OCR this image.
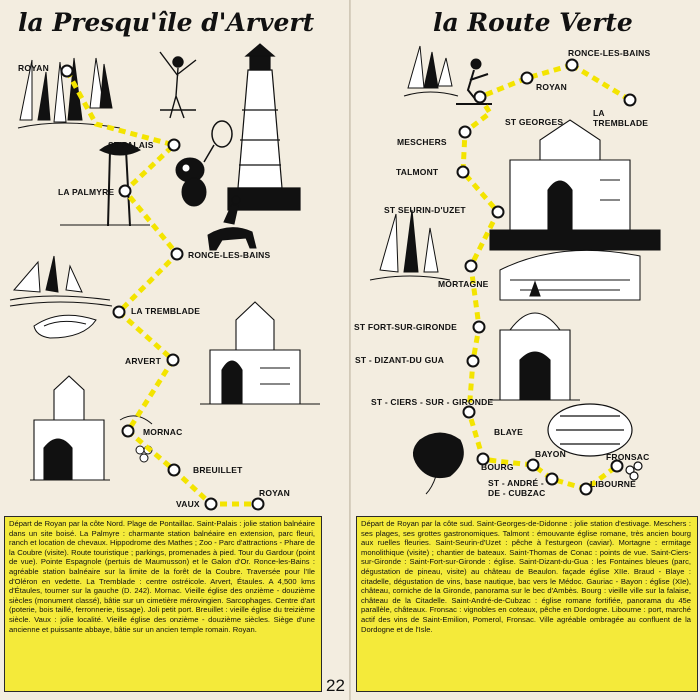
la Presqu'île d'Arvert	la Route Verte
ROYAN
ST-PALAIS
LA PALMYRE
RONCE-LES-BAINS
LA TREMBLADE
ARVERT
MORNAC
BREUILLET
VAUX
ROYAN
RONCE-LES-BAINS
ROYAN
ST GEORGES
LA
TREMBLADE
MESCHERS
TALMONT
ST SEURIN-D'UZET
MORTAGNE
ST FORT-SUR-GIRONDE
ST - DIZANT-DU GUA
ST - CIERS - SUR - GIRONDE
BLAYE
BAYON
BOURG
ST - ANDRÉ -
DE - CUBZAC
FRONSAC
LIBOURNE
Départ de Royan par la côte Nord. Plage de Pontaillac. Saint-Palais : jolie station balnéaire dans un site boisé. La Palmyre : charmante station balnéaire en extension, parc fleuri, ranch et location de chevaux. Hippodrome des Mathes ; Zoo - Parc d'attractions - Phare de la Coubre (visite). Route touristique ; parkings, promenades à pied. Tour du Gardour (point de vue). Pointe Espagnole (pertuis de Maumusson) et le Galon d'Or. Ronce-les-Bains : agréable station balnéaire sur la limite de la forêt de la Coubre. Traversée pour l'Ile d'Oléron en vedette. La Tremblade : centre ostréicole. Arvert, Étaules. A 4,500 kms d'Étaules, tourner sur la gauche (D. 242). Mornac. Vieille église des onzième - douzième siècles (monument classé), bâtie sur un cimetière mérovingien. Sarcophages. Centre d'art (poterie, bois taillé, ferronnerie, tissage). Joli petit port. Breuillet : vieille église du treizième siècle. Vaux : jolie localité. Vieille église des onzième - douzième siècles. Siège d'une ancienne et puissante abbaye, bâtie sur un ancien temple romain. Royan.
Départ de Royan par la côte sud. Saint-Georges-de-Didonne : jolie station d'estivage. Meschers : ses plages, ses grottes gastronomiques. Talmont : émouvante église romane, très ancien bourg aux ruelles fleuries. Saint-Seurin-d'Uzet : pêche à l'esturgeon (caviar). Mortagne : ermitage monolithique (visite) ; chantier de bateaux. Saint-Thomas de Conac : points de vue. Saint-Ciers-sur-Gironde : Saint-Fort-sur-Gironde : église. Saint-Dizant-du-Gua : les Fontaines bleues (parc, dégustation de pineau, visite) au château de Beaulon. façade église XIIe. Braud - Blaye : citadelle, dégustation de vins, base nautique, bac vers le Médoc. Gauriac - Bayon : église (XIe), château, corniche de la Gironde, panorama sur le bec d'Ambès. Bourg : vieille ville sur la falaise, château de la Citadelle. Saint-André-de-Cubzac : église romane fortifiée, panorama du 45e parallèle, châteaux. Fronsac : vignobles en coteaux, pêche en Dordogne. Libourne : port, marché actif des vins de Saint-Emilion, Pomerol, Fronsac. Ville agréable ombragée au confluent de la Dordogne et de l'Isle.
22
